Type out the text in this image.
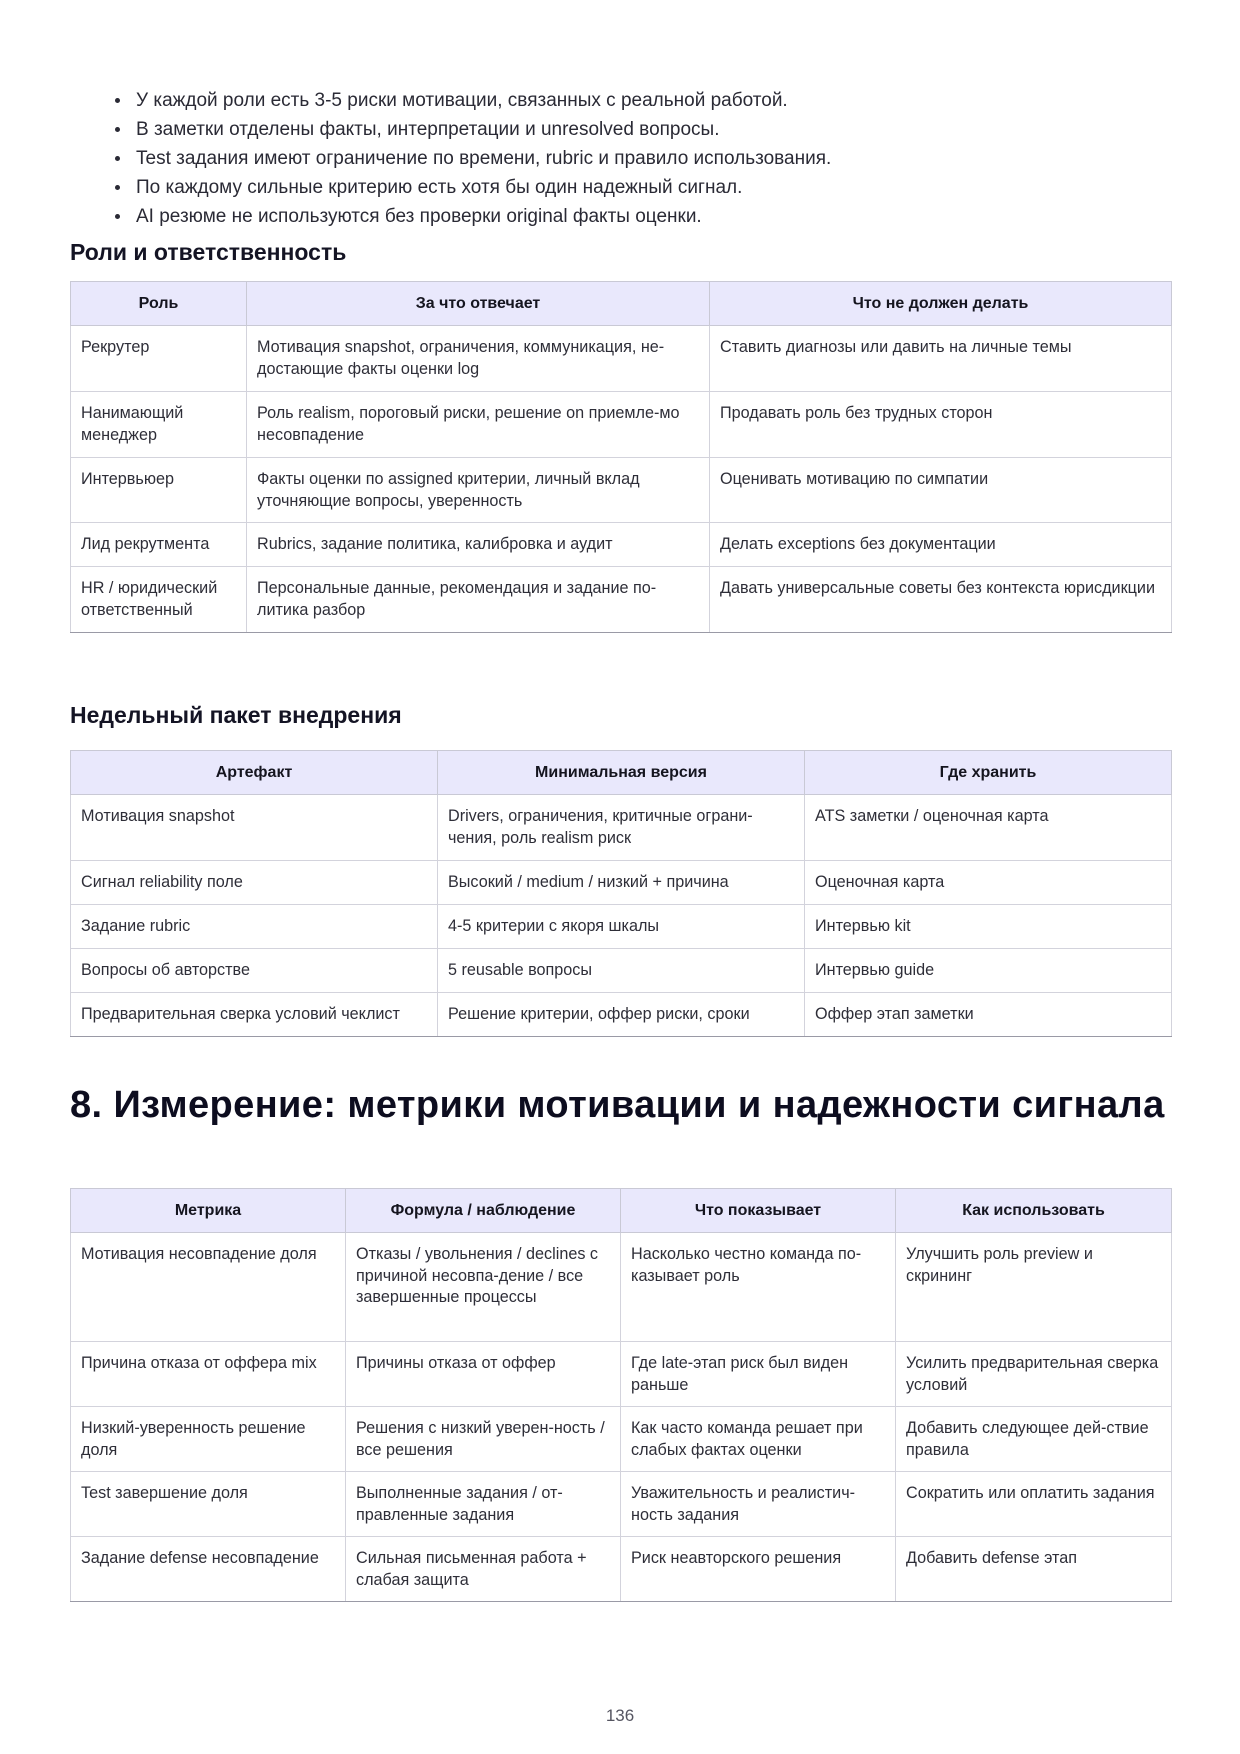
• У каждой роли есть 3-5 риски мотивации, связанных с реальной работой.
• В заметки отделены факты, интерпретации и unresolved вопросы.
• Test задания имеют ограничение по времени, rubric и правило использования.
• По каждому сильные критерию есть хотя бы один надежный сигнал.
• AI резюме не используются без проверки original факты оценки.
Роли и ответственность
Роль	За что отвечает	Что не должен делать
Рекрутер	Мотивация snapshot, ограничения, коммуникация, не-достающие факты оценки log	Ставить диагнозы или давить на личные темы
Нанимающий менеджер	Роль realism, пороговый риски, решение on приемле-мо несовпадение	Продавать роль без трудных сторон
Интервьюер	Факты оценки по assigned критерии, личный вклад уточняющие вопросы, уверенность	Оценивать мотивацию по симпатии
Лид рекрутмента	Rubrics, задание политика, калибровка и аудит	Делать exceptions без документации
HR / юридический ответственный	Персональные данные, рекомендация и задание по-литика разбор	Давать универсальные советы без контекста юрисдикции
Недельный пакет внедрения
Артефакт	Минимальная версия	Где хранить
Мотивация snapshot	Drivers, ограничения, критичные ограни-чения, роль realism риск	ATS заметки / оценочная карта
Сигнал reliability поле	Высокий / medium / низкий + причина	Оценочная карта
Задание rubric	4-5 критерии с якоря шкалы	Интервью kit
Вопросы об авторстве	5 reusable вопросы	Интервью guide
Предварительная сверка условий чеклист	Решение критерии, оффер риски, сроки	Оффер этап заметки
8. Измерение: метрики мотивации и надежности сигнала
Метрика	Формула / наблюдение	Что показывает	Как использовать
Мотивация несовпадение доля	Отказы / увольнения / declines с причиной несовпа-дение / все завершенные процессы	Насколько честно команда по-казывает роль	Улучшить роль preview и скрининг
Причина отказа от оффера mix	Причины отказа от оффер	Где late-этап риск был виден раньше	Усилить предварительная сверка условий
Низкий-уверенность решение доля	Решения с низкий уверен-ность / все решения	Как часто команда решает при слабых фактах оценки	Добавить следующее дей-ствие правила
Test завершение доля	Выполненные задания / от-правленные задания	Уважительность и реалистич-ность задания	Сократить или оплатить задания
Задание defense несовпадение	Сильная письменная работа + слабая защита	Риск неавторского решения	Добавить defense этап
136
